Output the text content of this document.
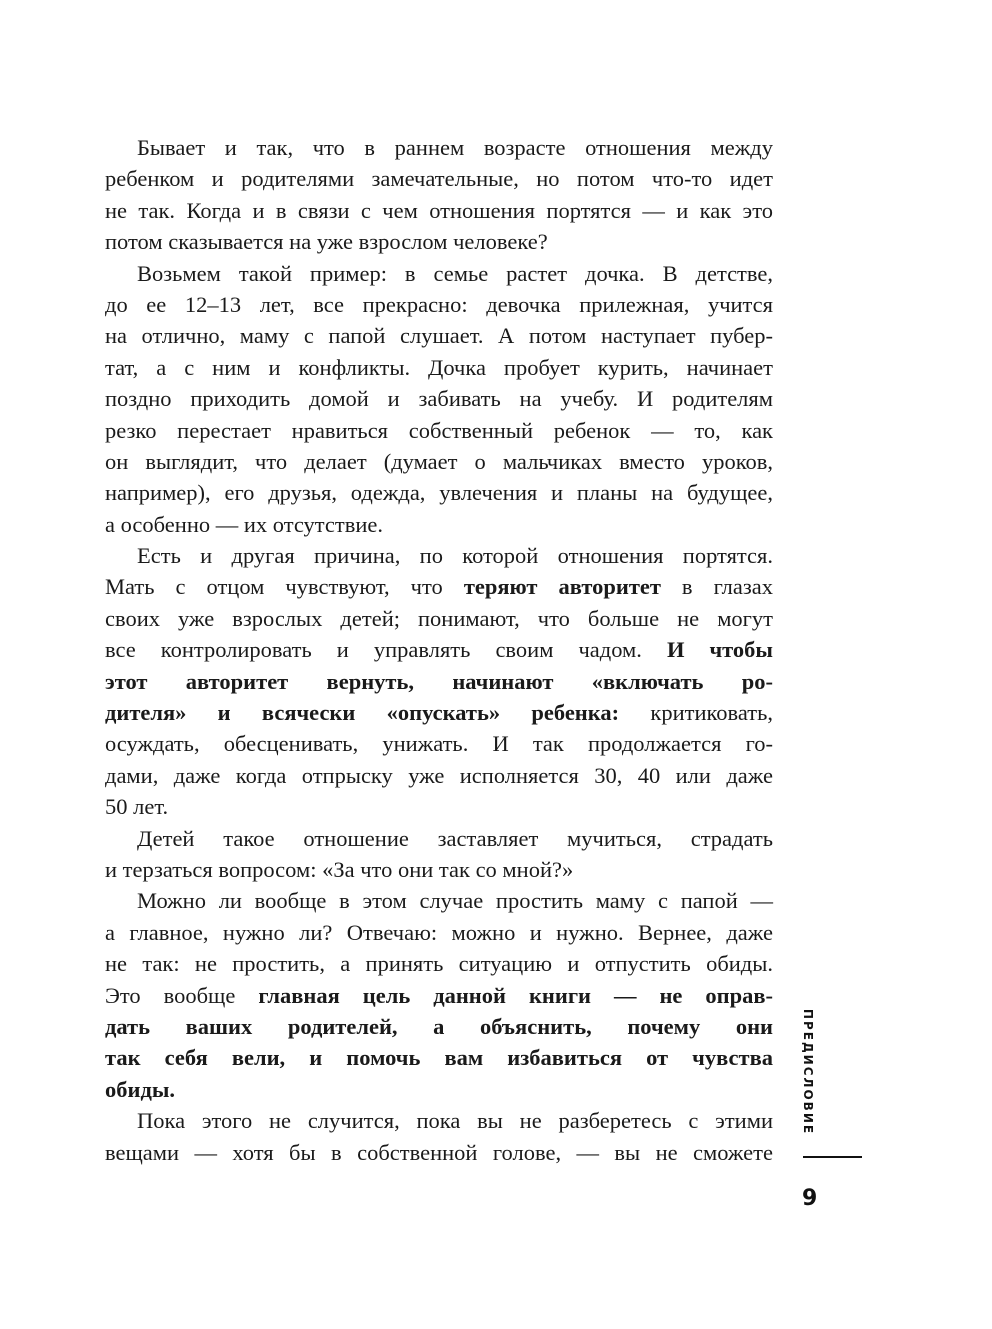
Бывает и так, что в раннем возрасте отношения между
ребенком и родителями замечательные, но потом что-то идет
не так. Когда и в связи с чем отношения портятся — и как это
потом сказывается на уже взрослом человеке?
Возьмем такой пример: в семье растет дочка. В детстве,
до ее 12–13 лет, все прекрасно: девочка прилежная, учится
на отлично, маму с папой слушает. А потом наступает пубер-
тат, а с ним и конфликты. Дочка пробует курить, начинает
поздно приходить домой и забивать на учебу. И родителям
резко перестает нравиться собственный ребенок — то, как
он выглядит, что делает (думает о мальчиках вместо уроков,
например), его друзья, одежда, увлечения и планы на будущее,
а особенно — их отсутствие.
Есть и другая причина, по которой отношения портятся.
Мать с отцом чувствуют, что теряют авторитет в глазах
своих уже взрослых детей; понимают, что больше не могут
все контролировать и управлять своим чадом. И чтобы
этот авторитет вернуть, начинают «включать ро-
дителя» и всячески «опускать» ребенка: критиковать,
осуждать, обесценивать, унижать. И так продолжается го-
дами, даже когда отпрыску уже исполняется 30, 40 или даже
50 лет.
Детей такое отношение заставляет мучиться, страдать
и терзаться вопросом: «За что они так со мной?»
Можно ли вообще в этом случае простить маму с папой —
а главное, нужно ли? Отвечаю: можно и нужно. Вернее, даже
не так: не простить, а принять ситуацию и отпустить обиды.
Это вообще главная цель данной книги — не оправ-
дать ваших родителей, а объяснить, почему они
так себя вели, и помочь вам избавиться от чувства
обиды.
Пока этого не случится, пока вы не разберетесь с этими
вещами — хотя бы в собственной голове, — вы не сможете
ПРЕДИСЛОВИЕ
9
